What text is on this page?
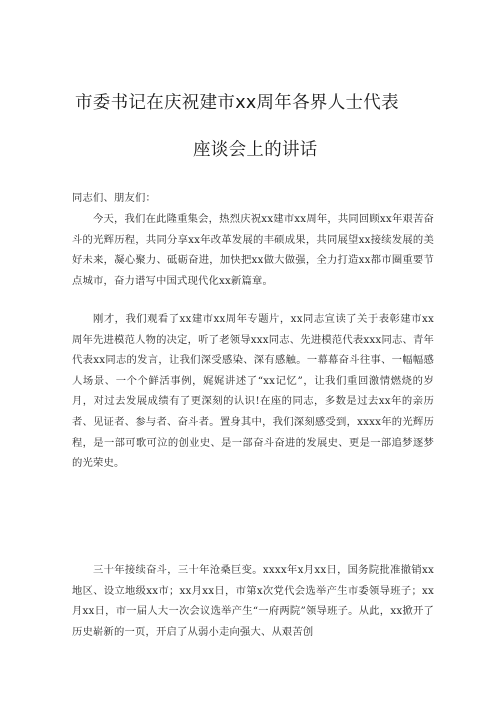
市委书记在庆祝建市xx周年各界人士代表
座谈会上的讲话
同志们、朋友们：
今天，我们在此隆重集会，热烈庆祝xx建市xx周年，共同回顾xx年艰苦奋斗的光辉历程，共同分享xx年改革发展的丰硕成果，共同展望xx接续发展的美好未来，凝心聚力、砥砺奋进，加快把xx做大做强，全力打造xx都市圈重要节点城市，奋力谱写中国式现代化xx新篇章。
刚才，我们观看了xx建市xx周年专题片，xx同志宣读了关于表彰建市xx周年先进模范人物的决定，听了老领导xxx同志、先进模范代表xxx同志、青年代表xx同志的发言，让我们深受感染、深有感触。一幕幕奋斗往事、一幅幅感人场景、一个个鲜活事例，娓娓讲述了“xx记忆”，让我们重回激情燃烧的岁月，对过去发展成绩有了更深刻的认识!在座的同志，多数是过去xx年的亲历者、见证者、参与者、奋斗者。置身其中，我们深刻感受到，xxxx年的光辉历程，是一部可歌可泣的创业史、是一部奋斗奋进的发展史、更是一部追梦逐梦的光荣史。
三十年接续奋斗，三十年沧桑巨变。xxxx年x月xx日，国务院批准撤销xx地区、设立地级xx市；xx月xx日，市第x次党代会选举产生市委领导班子；xx月xx日，市一届人大一次会议选举产生“一府两院”领导班子。从此，xx掀开了历史崭新的一页，开启了从弱小走向强大、从艰苦创
